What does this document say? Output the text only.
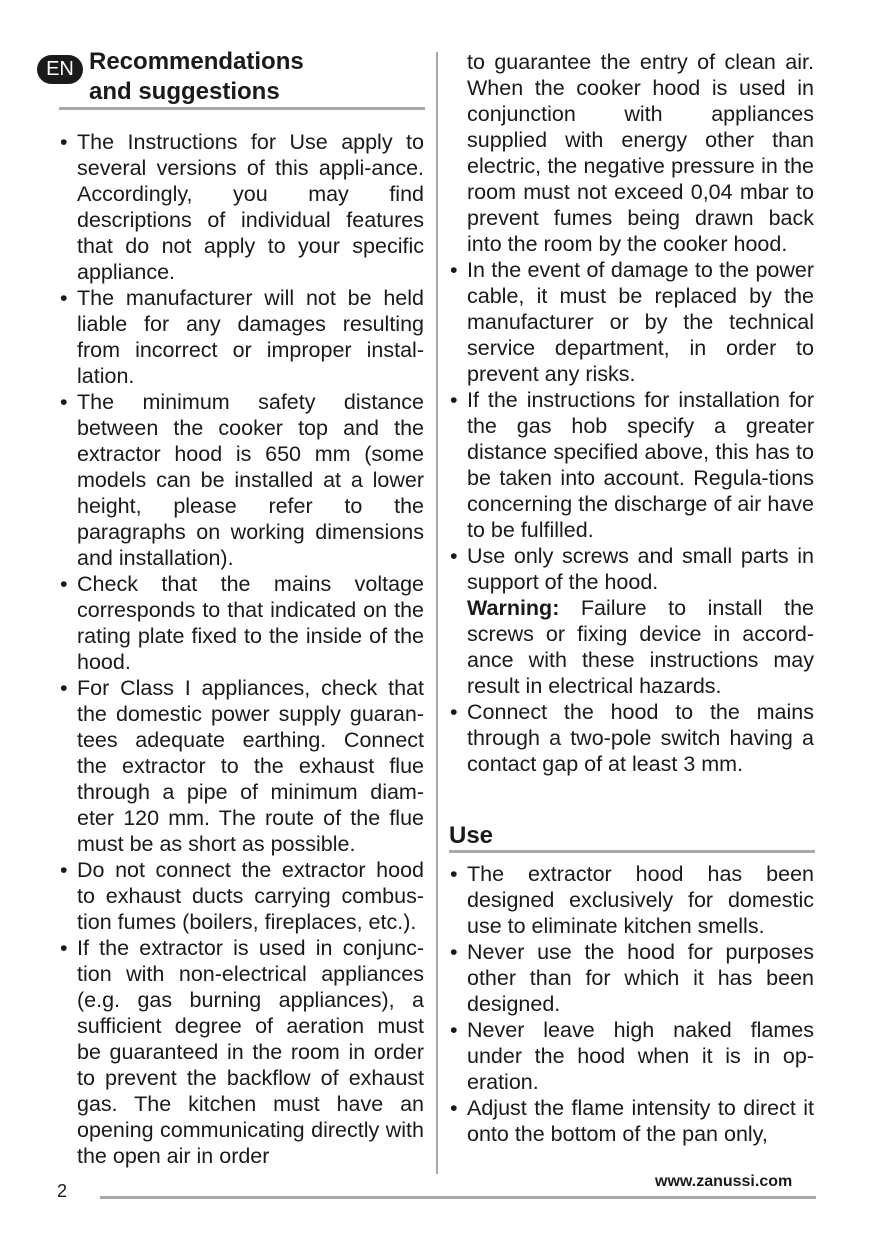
EN Recommendations
and suggestions
• The Instructions for Use apply to several versions of this appli-ance. Accordingly, you may find descriptions of individual features that do not apply to your specific appliance.
• The manufacturer will not be held liable for any damages resulting from incorrect or improper instal-lation.
• The minimum safety distance between the cooker top and the extractor hood is 650 mm (some models can be installed at a lower height, please refer to the paragraphs on working dimensions and installation).
• Check that the mains voltage corresponds to that indicated on the rating plate fixed to the inside of the hood.
• For Class I appliances, check that the domestic power supply guaran-tees adequate earthing. Connect the extractor to the exhaust flue through a pipe of minimum diam-eter 120 mm. The route of the flue must be as short as possible.
• Do not connect the extractor hood to exhaust ducts carrying combus-tion fumes (boilers, fireplaces, etc.).
• If the extractor is used in conjunc-tion with non-electrical appliances (e.g. gas burning appliances), a sufficient degree of aeration must be guaranteed in the room in order to prevent the backflow of exhaust gas. The kitchen must have an opening communicating directly with the open air in order

to guarantee the entry of clean air. When the cooker hood is used in conjunction with appliances supplied with energy other than electric, the negative pressure in the room must not exceed 0,04 mbar to prevent fumes being drawn back into the room by the cooker hood.

• In the event of damage to the power cable, it must be replaced by the manufacturer or by the technical service department, in order to prevent any risks.
• If the instructions for installation for the gas hob specify a greater distance specified above, this has to be taken into account. Regula-tions concerning the discharge of air have to be fulfilled.
• Use only screws and small parts in support of the hood.
Warning: Failure to install the screws or fixing device in accord-ance with these instructions may result in electrical hazards.
• Connect the hood to the mains through a two-pole switch having a contact gap of at least 3 mm.
Use
• The extractor hood has been designed exclusively for domestic use to eliminate kitchen smells.
• Never use the hood for purposes other than for which it has been designed.
• Never leave high naked flames under the hood when it is in op-eration.
• Adjust the flame intensity to direct it onto the bottom of the pan only,
2	www.zanussi.com
